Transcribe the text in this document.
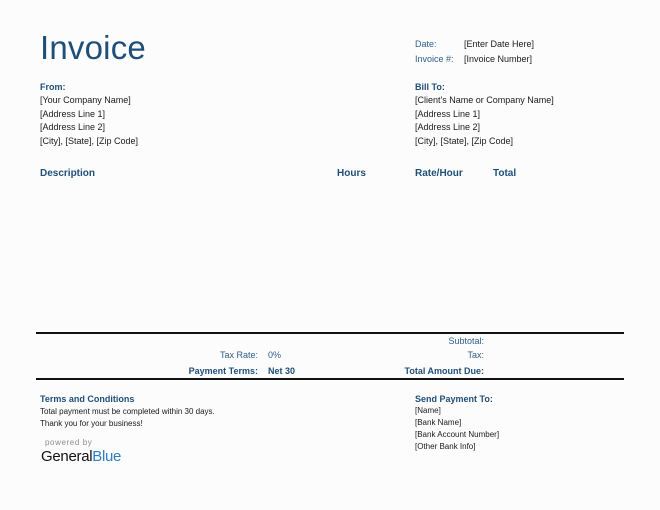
Invoice	Date:	[Enter Date Here]
Invoice #: [Invoice Number]
From:
[Your Company Name]
[Address Line 1]
[Address Line 2]
[City], [State], [Zip Code]
Bill To:
[Client's Name or Company Name]
[Address Line 1]
[Address Line 2]
[City], [State], [Zip Code]
Description	Hours	Rate/Hour	Total
Tax Rate: 0%
Payment Terms: Net 30
Subtotal:
Tax:
Total Amount Due:
Terms and Conditions
Total payment must be completed within 30 days.
Thank you for your business!
Send Payment To:
[Name]
[Bank Name]
[Bank Account Number]
[Other Bank Info]
powered by
GeneralBlue
